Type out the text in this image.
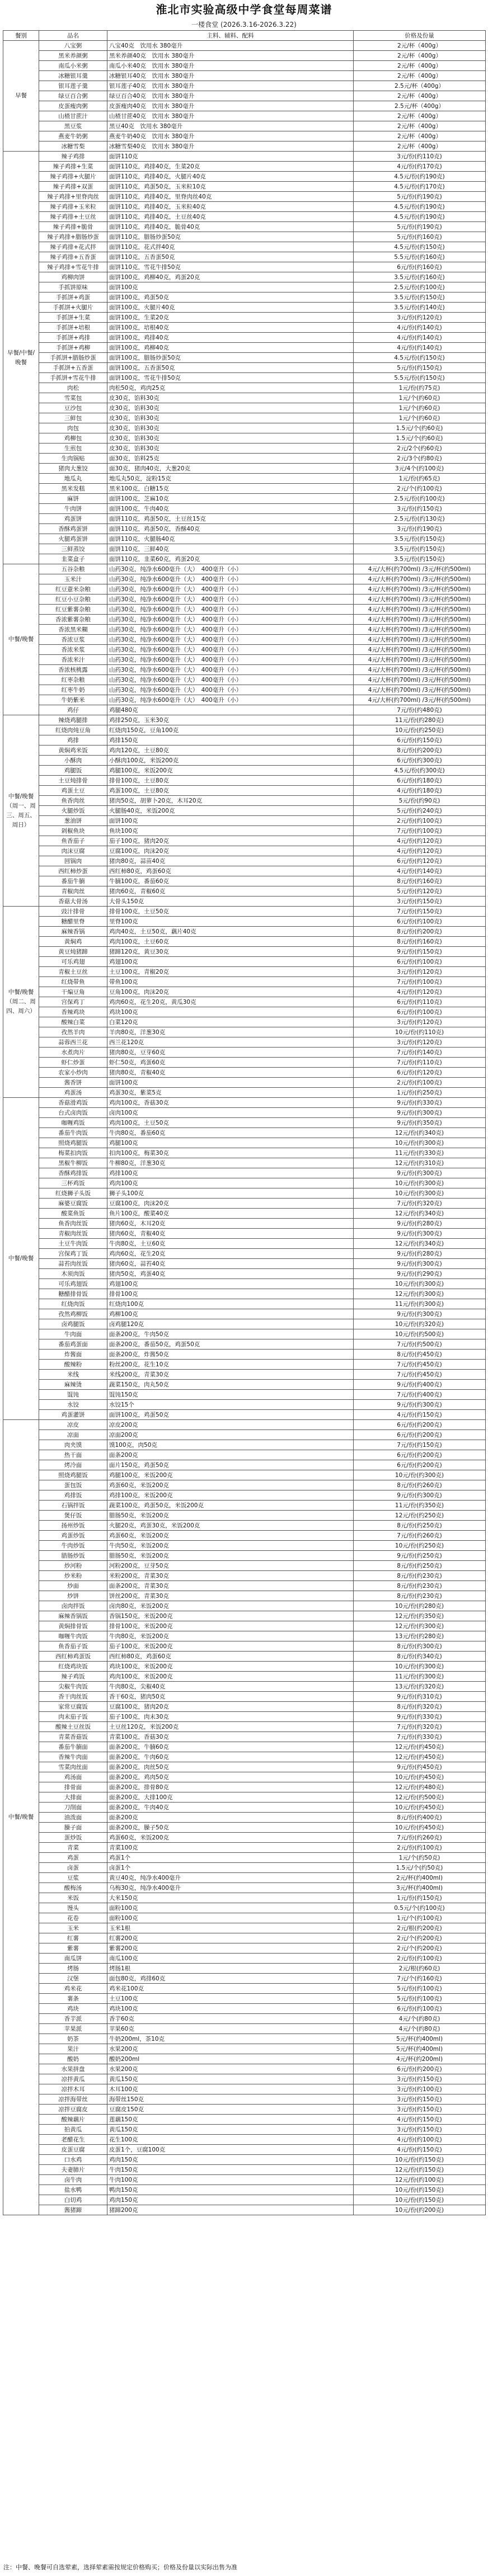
淮北市实验高级中学食堂每周菜谱
一楼食堂 (2026.3.16-2026.3.22)
餐别	品名	主料、辅料、配料	价格及份量
早餐	八宝粥	八宝40克　饮用水 380毫升	2元/杯（400g）
	黑米养颜粥	黑米养颜40克　饮用水 380毫升	2元/杯（400g）
	南瓜小米粥	南瓜小米40克　饮用水 380毫升	2元/杯（400g）
	冰糖银耳羹	冰糖银耳40克　饮用水 380毫升	2元/杯（400g）
	银耳莲子羹	银耳莲子40克　饮用水 380毫升	2.5元/杯（400g）
	绿豆百合粥	绿豆百合40克　饮用水 380毫升	2元/杯（400g）
	皮蛋瘦肉粥	皮蛋瘦肉40克　饮用水 380毫升	2.5元/杯（400g）
	山楂甘蔗汁	山楂甘蔗40克　饮用水 380毫升	2元/杯（400g）
	黑豆浆	黑豆40克　饮用水 380毫升	2元/杯（400g）
	燕麦牛奶粥	燕麦牛奶40克　饮用水 380毫升	2元/杯（400g）
	冰糖雪梨	冰糖雪梨40克　饮用水 380毫升	2元/杯（400g）
早餐/中餐/晚餐	辣子鸡排	面饼110克	3元/份(约110克)
	辣子鸡排+生菜	面饼110克，鸡排40克，生菜20克	4元/份(约170克)
	辣子鸡排+火腿片	面饼110克，鸡排40克，火腿片40克	4.5元/份(约190克)
	辣子鸡排+双蛋	面饼110克，鸡蛋50克，玉米粒10克	4.5元/份(约170克)
	辣子鸡排+里脊肉丝	面饼110克，鸡排40克，里脊肉丝40克	5元/份(约190克)
	辣子鸡排+玉米粒	面饼110克，鸡排40克，玉米粒40克	4.5元/份(约190克)
	辣子鸡排+土豆丝	面饼110克，鸡排40克，土豆丝40克	4.5元/份(约190克)
	辣子鸡排+脆骨	面饼110克，鸡排40克，脆骨40克	5元/份(约190克)
	辣子鸡排+腊肠炒蛋	面饼110克，腊肠炒蛋50克	5元/份(约160克)
	辣子鸡排+花式拌	面饼110克，花式拌40克	4.5元/份(约150克)
	辣子鸡排+五香蛋	面饼110克，五香蛋50克	5.5元/份(约160克)
	辣子鸡排+雪花牛排	面饼110克，雪花牛排50克	6元/份(约160克)
	鸡柳肉饼	面饼100克，鸡柳40克，鸡蛋20克	3.5元/份(约160克)
	手抓饼原味	面饼100克	2.5元/份(约100克)
	手抓饼+鸡蛋	面饼100克，鸡蛋50克	3.5元/份(约150克)
	手抓饼+火腿片	面饼100克，火腿片40克	3.5元/份(约140克)
	手抓饼+生菜	面饼100克，生菜20克	3元/份(约120克)
	手抓饼+培根	面饼100克，培根40克	4元/份(约140克)
	手抓饼+鸡排	面饼100克，鸡排40克	4元/份(约140克)
	手抓饼+鸡柳	面饼100克，鸡柳40克	4元/份(约140克)
	手抓饼+腊肠炒蛋	面饼100克，腊肠炒蛋50克	4.5元/份(约150克)
	手抓饼+五香蛋	面饼100克，五香蛋50克	5元/份(约150克)
	手抓饼+雪花牛排	面饼100克，雪花牛排50克	5.5元/份(约150克)
	肉松	肉松50克，鸡肉25克	1元/份(约75克)
	雪菜包	皮30克，馅料30克	1元/个(约60克)
	豆沙包	皮30克，馅料30克	1元/个(约60克)
	三鲜包	皮30克，馅料30克	1元/个(约60克)
	肉包	皮30克，馅料30克	1.5元/个(约60克)
	鸡柳包	皮30克，馅料30克	1.5元/个(约60克)
	生煎包	皮30克，馅料30克	2元/2个(约60克)
	生肉锅贴	面30克，馅料25克	2元/3个(约80克)
	猪肉大葱饺	面30克，猪肉40克，大葱20克	3元/4个(约100克)
	地瓜丸	地瓜丸50克，淀粉15克	1元/份(约65克)
	黑米发糕	黑米100克，白糖15克	2元/个(约100克)
	麻饼	面饼100克，芝麻10克	2.5元/份(约100克)
	牛肉饼	面饼100克，牛肉40克	3元/份(约150克)
	鸡蛋饼	面饼110克，鸡蛋50克，土豆丝15克	2.5元/份(约130克)
	香酥鸡蛋饼	面饼110克，鸡蛋50克，香酥40克	3元/份(约190克)
	火腿鸡蛋饼	面饼110克，火腿肠40克	3.5元/份(约150克)
	三鲜蒸饺	面饼110克，三鲜40克	3.5元/份(约150克)
	韭菜盒子	面饼110克，韭菜60克，鸡蛋20克	3.5元/份(约150克)
中餐/晚餐	五谷杂粮	山药30克，纯净水600毫升（大）　400毫升（小）	4元/大杯(约700ml) /3元/杯(约500ml)
	玉米汁	山药30克，纯净水600毫升（大）　400毫升（小）	4元/大杯(约700ml) /3元/杯(约500ml)
	红豆薏米杂粮	山药30克，纯净水600毫升（大）　400毫升（小）	4元/大杯(约700ml) /3元/杯(约500ml)
	红豆小豆杂粮	山药30克，纯净水600毫升（大）　400毫升（小）	4元/大杯(约700ml) /3元/杯(约500ml)
	红豆紫薯杂粮	山药30克，纯净水600毫升（大）　400毫升（小）	4元/大杯(约700ml) /3元/杯(约500ml)
	香浓紫薯杂粮	山药30克，纯净水600毫升（大）　400毫升（小）	4元/大杯(约700ml) /3元/杯(约500ml)
	香浓黑米糊	山药30克，纯净水600毫升（大）　400毫升（小）	4元/大杯(约700ml) /3元/杯(约500ml)
	香浓豆浆	山药30克，纯净水600毫升（大）　400毫升（小）	4元/大杯(约700ml) /3元/杯(约500ml)
	香浓米浆	山药30克，纯净水600毫升（大）　400毫升（小）	4元/大杯(约700ml) /3元/杯(约500ml)
	香浓米汁	山药30克，纯净水600毫升（大）　400毫升（小）	4元/大杯(约700ml) /3元/杯(约500ml)
	香浓核桃露	山药30克，纯净水600毫升（大）　400毫升（小）	4元/大杯(约700ml) /3元/杯(约500ml)
	红枣杂粮	山药30克，纯净水600毫升（大）　400毫升（小）	4元/大杯(约700ml) /3元/杯(约500ml)
	红枣牛奶	山药30克，纯净水600毫升（大）　400毫升（小）	4元/大杯(约700ml) /3元/杯(约500ml)
	牛奶紫米	山药30克，纯净水600毫升（大）　400毫升（小）	4元/大杯(约700ml) /3元/杯(约500ml)
	鸡仔	鸡腿480克	7元/份(约480克)
中餐/晚餐（周一、周三、周五、周日）	辣烧鸡腿排	鸡排250克，玉米30克	11元/份(约280克)
	红烧肉炖豆角	红烧肉150克，豆角100克	10元/份(约250克)
	鸡排	鸡排150克	6元/份(约150克)
	黄焖鸡米饭	鸡肉120克，土豆80克	8元/份(约200克)
	小酥肉	小酥肉100克，米饭200克	6元/份(约300克)
	鸡腿饭	鸡腿100克，米饭200克	4.5元/份(约300克)
	土豆炖排骨	排骨100克，土豆80克	6元/份(约180克)
	鸡蛋土豆	鸡蛋100克，土豆80克	4元/份(约180克)
	鱼香肉丝	猪肉50克，胡萝卜20克，木耳20克	5元/份(约90克)
	火腿炒饭	火腿肠40克，米饭200克	5元/份(约240克)
	葱油饼	面饼100克	2元/份(约100克)
	剁椒鱼块	鱼块100克	7元/份(约100克)
	鱼香茄子	茄子100克，猪肉20克	4元/份(约120克)
	肉沫豆腐	豆腐100克，肉沫20克	4元/份(约120克)
	回锅肉	猪肉80克，蒜苗40克	6元/份(约120克)
	西红柿炒蛋	西红柿80克，鸡蛋60克	4元/份(约140克)
	番茄牛腩	牛腩100克，番茄60克	8元/份(约160克)
	青椒肉丝	猪肉60克，青椒60克	5元/份(约120克)
	香菇大骨汤	大骨头150克	3元/份(约150克)
中餐/晚餐（周二、周四、周六）	豉汁排骨	排骨100克，土豆50克	7元/份(约150克)
	糖醋里脊	里脊100克	6元/份(约100克)
	麻辣香锅	鸡肉40克，土豆50克，藕片40克	8元/份(约200克)
	黄焖鸡	鸡肉100克，土豆60克	8元/份(约160克)
	黄豆炖猪蹄	猪蹄120克，黄豆30克	9元/份(约150克)
	可乐鸡翅	鸡翅100克	6元/份(约100克)
	青椒土豆丝	土豆100克，青椒20克	3元/份(约120克)
	红烧带鱼	带鱼100克	7元/份(约100克)
	干煸豆角	豆角100克，肉沫20克	4元/份(约120克)
	宫保鸡丁	鸡肉60克，花生20克，黄瓜30克	6元/份(约110克)
	香辣鸡块	鸡块100克	6元/份(约100克)
	酸辣白菜	白菜120克	3元/份(约120克)
	孜然羊肉	羊肉80克，洋葱30克	10元/份(约110克)
	蒜蓉西兰花	西兰花120克	3元/份(约120克)
	水煮肉片	猪肉80克，豆芽60克	7元/份(约140克)
	虾仁炒蛋	虾仁50克，鸡蛋60克	7元/份(约110克)
	农家小炒肉	猪肉80克，青椒40克	6元/份(约120克)
	酱香饼	面饼100克	2元/份(约100克)
	鸡蛋汤	鸡蛋30克，紫菜5克	1元/份(约250克)
中餐/晚餐	香菇滑鸡饭	鸡肉100克，香菇30克	9元/份(约330克)
	台式卤肉饭	卤肉100克	9元/份(约300克)
	咖喱鸡饭	鸡肉100克，土豆50克	9元/份(约350克)
	番茄牛肉饭	牛肉80克，番茄60克	12元/份(约340克)
	照烧鸡腿饭	鸡腿100克	10元/份(约300克)
	梅菜扣肉饭	扣肉100克，梅菜30克	11元/份(约330克)
	黑椒牛柳饭	牛柳80克，洋葱30克	12元/份(约310克)
	香酥鸡排饭	鸡排100克	9元/份(约300克)
	三杯鸡饭	鸡肉100克	10元/份(约300克)
	红烧狮子头饭	狮子头100克	10元/份(约300克)
	麻婆豆腐饭	豆腐100克，肉沫20克	7元/份(约320克)
	酸菜鱼饭	鱼片100克，酸菜40克	12元/份(约340克)
	鱼香肉丝饭	猪肉60克，木耳20克	9元/份(约280克)
	青椒肉丝饭	猪肉60克，青椒40克	9元/份(约300克)
	土豆牛肉饭	牛肉80克，土豆60克	12元/份(约340克)
	宫保鸡丁饭	鸡肉60克，花生20克	9元/份(约280克)
	蒜苔肉丝饭	猪肉60克，蒜苔40克	9元/份(约300克)
	木须肉饭	猪肉50克，鸡蛋40克	9元/份(约290克)
	可乐鸡翅饭	鸡翅100克	10元/份(约300克)
	糖醋排骨饭	排骨100克	12元/份(约300克)
	红烧肉饭	红烧肉100克	11元/份(约300克)
	孜然鸡柳饭	鸡柳100克	9元/份(约300克)
	卤鸡腿饭	卤鸡腿120克	10元/份(约320克)
	牛肉面	面条200克，牛肉50克	10元/份(约500克)
	番茄鸡蛋面	面条200克，番茄50克，鸡蛋50克	7元/份(约500克)
	炸酱面	面条200克，炸酱50克	8元/份(约450克)
	酸辣粉	粉丝200克，花生10克	7元/份(约450克)
	米线	米线200克，青菜30克	7元/份(约450克)
	麻辣烫	蔬菜150克，肉丸50克	9元/份(约400克)
	馄饨	馄饨150克	7元/份(约400克)
	水饺	水饺15个	9元/份(约300克)
	鸡蛋灌饼	面饼100克，鸡蛋50克	4元/份(约150克)
中餐/晚餐	凉皮	凉皮200克	6元/份(约200克)
	凉面	凉面200克	6元/份(约200克)
	肉夹馍	馍100克，肉50克	7元/份(约150克)
	热干面	面条200克	6元/份(约200克)
	烤冷面	面片150克，鸡蛋50克	6元/份(约200克)
	照烧鸡腿饭	鸡腿100克，米饭200克	10元/份(约300克)
	蛋包饭	鸡蛋60克，米饭200克	8元/份(约260克)
	鸡排饭	鸡排100克，米饭200克	9元/份(约300克)
	石锅拌饭	蔬菜100克，鸡蛋50克，米饭200克	11元/份(约350克)
	煲仔饭	腊肠50克，米饭200克	12元/份(约250克)
	扬州炒饭	火腿20克，鸡蛋30克，米饭200克	8元/份(约250克)
	鸡蛋炒饭	鸡蛋60克，米饭200克	7元/份(约260克)
	牛肉炒饭	牛肉50克，米饭200克	10元/份(约250克)
	腊肠炒饭	腊肠50克，米饭200克	9元/份(约250克)
	炒河粉	河粉200克，豆芽50克	8元/份(约250克)
	炒米粉	米粉200克，青菜30克	8元/份(约230克)
	炒面	面条200克，青菜30克	8元/份(约230克)
	炒饼	饼丝200克，青菜30克	8元/份(约230克)
	卤肉拌饭	卤肉80克，米饭200克	10元/份(约280克)
	麻辣香锅饭	香锅150克，米饭200克	12元/份(约350克)
	黄焖排骨饭	排骨100克，米饭200克	12元/份(约300克)
	咖喱牛肉饭	牛肉80克，米饭200克	13元/份(约280克)
	鱼香茄子饭	茄子100克，米饭200克	8元/份(约300克)
	西红柿鸡蛋饭	西红柿80克，鸡蛋60克	8元/份(约340克)
	红烧鸡块饭	鸡块100克，米饭200克	10元/份(约300克)
	辣子鸡饭	鸡肉100克，米饭200克	11元/份(约300克)
	尖椒牛肉饭	牛肉80克，尖椒40克	13元/份(约320克)
	香干肉丝饭	香干60克，猪肉50克	9元/份(约310克)
	家常豆腐饭	豆腐100克，猪肉20克	8元/份(约320克)
	肉末茄子饭	茄子100克，肉末30克	9元/份(约330克)
	酸辣土豆丝饭	土豆丝120克，米饭200克	7元/份(约320克)
	青菜香菇饭	青菜100克，香菇30克	7元/份(约330克)
	番茄牛腩面	面条200克，牛腩60克	12元/份(约450克)
	香辣牛肉面	面条200克，牛肉60克	12元/份(约450克)
	雪菜肉丝面	面条200克，肉丝50克	9元/份(约450克)
	鸡汤面	面条200克，鸡肉50克	10元/份(约450克)
	排骨面	面条200克，排骨80克	12元/份(约480克)
	大排面	面条200克，大排100克	12元/份(约500克)
	刀削面	面条200克，牛肉40克	10元/份(约450克)
	油泼面	面条200克	8元/份(约400克)
	臊子面	面条200克，臊子50克	10元/份(约450克)
	蛋炒饭	鸡蛋60克，米饭200克	7元/份(约260克)
	青菜	青菜100克	2元/份(约100克)
	鸡蛋	鸡蛋1个	1元/个(约50克)
	卤蛋	卤蛋1个	1.5元/个(约50克)
	豆浆	黄豆40克，纯净水400毫升	2元/杯(约400ml)
	酸梅汤	乌梅30克，纯净水400毫升	3元/杯(约400ml)
	米饭	大米150克	1元/份(约150克)
	馒头	面粉100克	0.5元/个(约100克)
	花卷	面粉100克	1元/个(约100克)
	玉米	玉米1根	2元/根(约200克)
	红薯	红薯200克	2元/个(约200克)
	紫薯	紫薯200克	2元/个(约200克)
	南瓜饼	南瓜100克	2元/份(约100克)
	烤肠	烤肠1根	2元/根(约60克)
	汉堡	面包80克，鸡排60克	7元/个(约160克)
	鸡米花	鸡米花100克	5元/份(约100克)
	薯条	土豆100克	5元/份(约100克)
	鸡块	鸡块100克	6元/份(约100克)
	香芋派	香芋60克	4元/个(约80克)
	苹果派	苹果60克	4元/个(约80克)
	奶茶	牛奶200ml，茶10克	5元/杯(约400ml)
	果汁	水果200克	5元/杯(约400ml)
	酸奶	酸奶200ml	4元/杯(约200ml)
	水果拼盘	水果200克	6元/份(约200克)
	凉拌黄瓜	黄瓜150克	3元/份(约150克)
	凉拌木耳	木耳100克	3元/份(约100克)
	凉拌海带丝	海带丝150克	3元/份(约150克)
	凉拌豆腐皮	豆腐皮150克	3元/份(约150克)
	酸辣藕片	莲藕150克	4元/份(约150克)
	拍黄瓜	黄瓜150克	3元/份(约150克)
	老醋花生	花生100克	4元/份(约100克)
	皮蛋豆腐	皮蛋1个，豆腐100克	4元/份(约150克)
	口水鸡	鸡肉150克	10元/份(约150克)
	夫妻肺片	牛肉150克	12元/份(约150克)
	卤牛肉	牛肉100克	12元/份(约100克)
	盐水鸭	鸭肉150克	10元/份(约150克)
	白切鸡	鸡肉150克	10元/份(约150克)
	酱猪蹄	猪蹄200克	10元/份(约200克)
注：中餐、晚餐可自选荤素，选择荤素需按规定价格购买；价格及份量以实际出售为准
